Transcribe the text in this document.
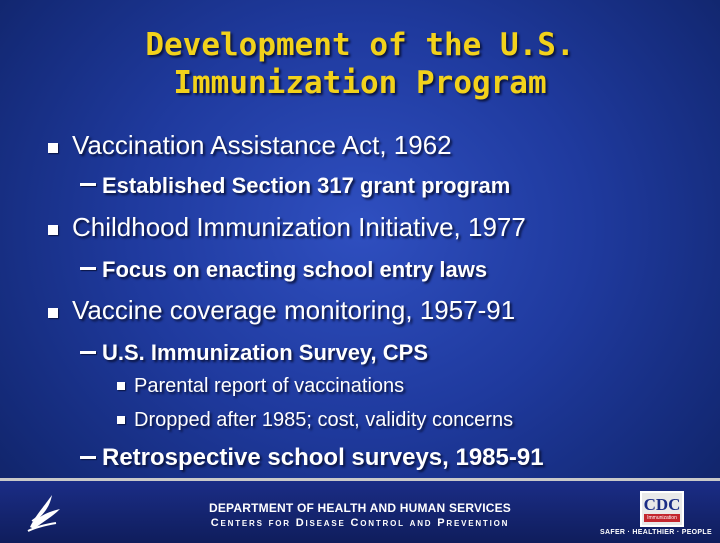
Development of the U.S.
Immunization Program
Vaccination Assistance Act, 1962
Established Section 317 grant program
Childhood Immunization Initiative, 1977
Focus on enacting school entry laws
Vaccine coverage monitoring, 1957-91
U.S. Immunization Survey, CPS
Parental report of vaccinations
Dropped after 1985; cost, validity concerns
Retrospective school surveys, 1985-91
DEPARTMENT OF HEALTH AND HUMAN SERVICES
Centers for Disease Control and Prevention
CDC
Immunization
SAFER · HEALTHIER · PEOPLE
